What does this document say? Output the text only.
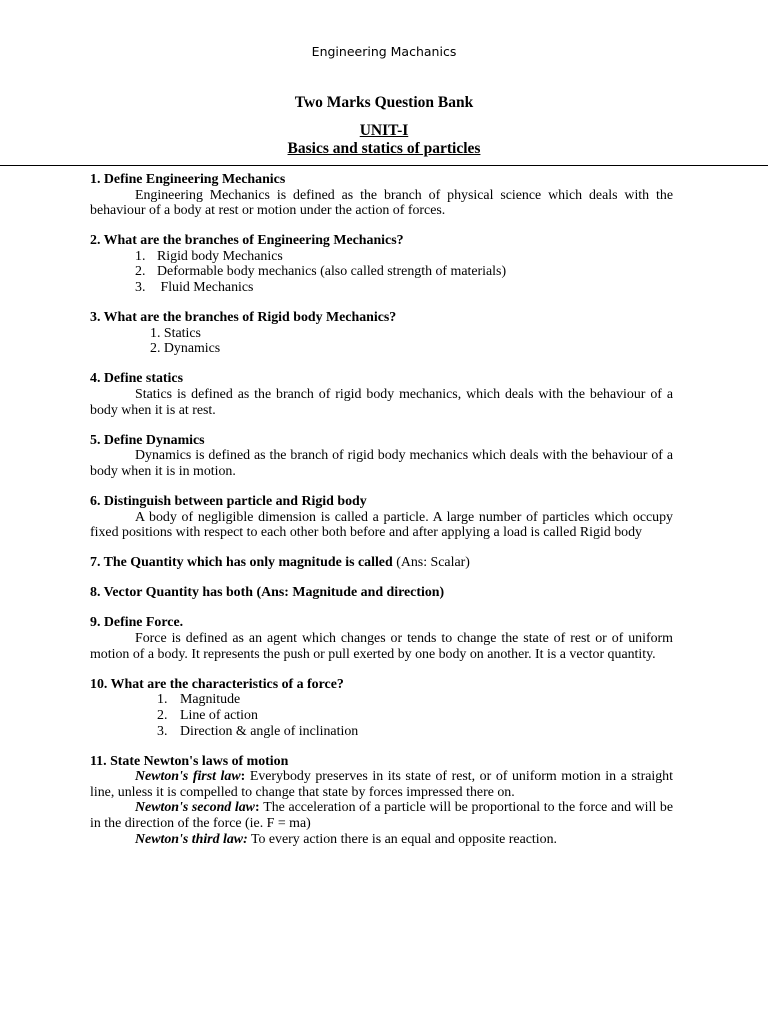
Engineering Machanics
Two Marks Question Bank
UNIT-I
Basics and statics of particles
1. Define Engineering Mechanics
Engineering Mechanics is defined as the branch of physical science which deals with the behaviour of a body at rest or motion under the action of forces.
2. What are the branches of Engineering Mechanics?
1. Rigid body Mechanics
2. Deformable body mechanics (also called strength of materials)
3. Fluid Mechanics
3. What are the branches of Rigid body Mechanics?
1. Statics
2. Dynamics
4. Define statics
Statics is defined as the branch of rigid body mechanics, which deals with the behaviour of a body when it is at rest.
5. Define Dynamics
Dynamics is defined as the branch of rigid body mechanics which deals with the behaviour of a body when it is in motion.
6. Distinguish between particle and Rigid body
A body of negligible dimension is called a particle. A large number of particles which occupy fixed positions with respect to each other both before and after applying a load is called Rigid body
7. The Quantity which has only magnitude is called (Ans: Scalar)
8. Vector Quantity has both (Ans: Magnitude and direction)
9. Define Force.
Force is defined as an agent which changes or tends to change the state of rest or of uniform motion of a body. It represents the push or pull exerted by one body on another. It is a vector quantity.
10. What are the characteristics of a force?
1. Magnitude
2. Line of action
3. Direction & angle of inclination
11. State Newton's laws of motion
Newton's first law: Everybody preserves in its state of rest, or of uniform motion in a straight line, unless it is compelled to change that state by forces impressed there on.
Newton's second law: The acceleration of a particle will be proportional to the force and will be in the direction of the force (ie. F = ma)
Newton's third law: To every action there is an equal and opposite reaction.
